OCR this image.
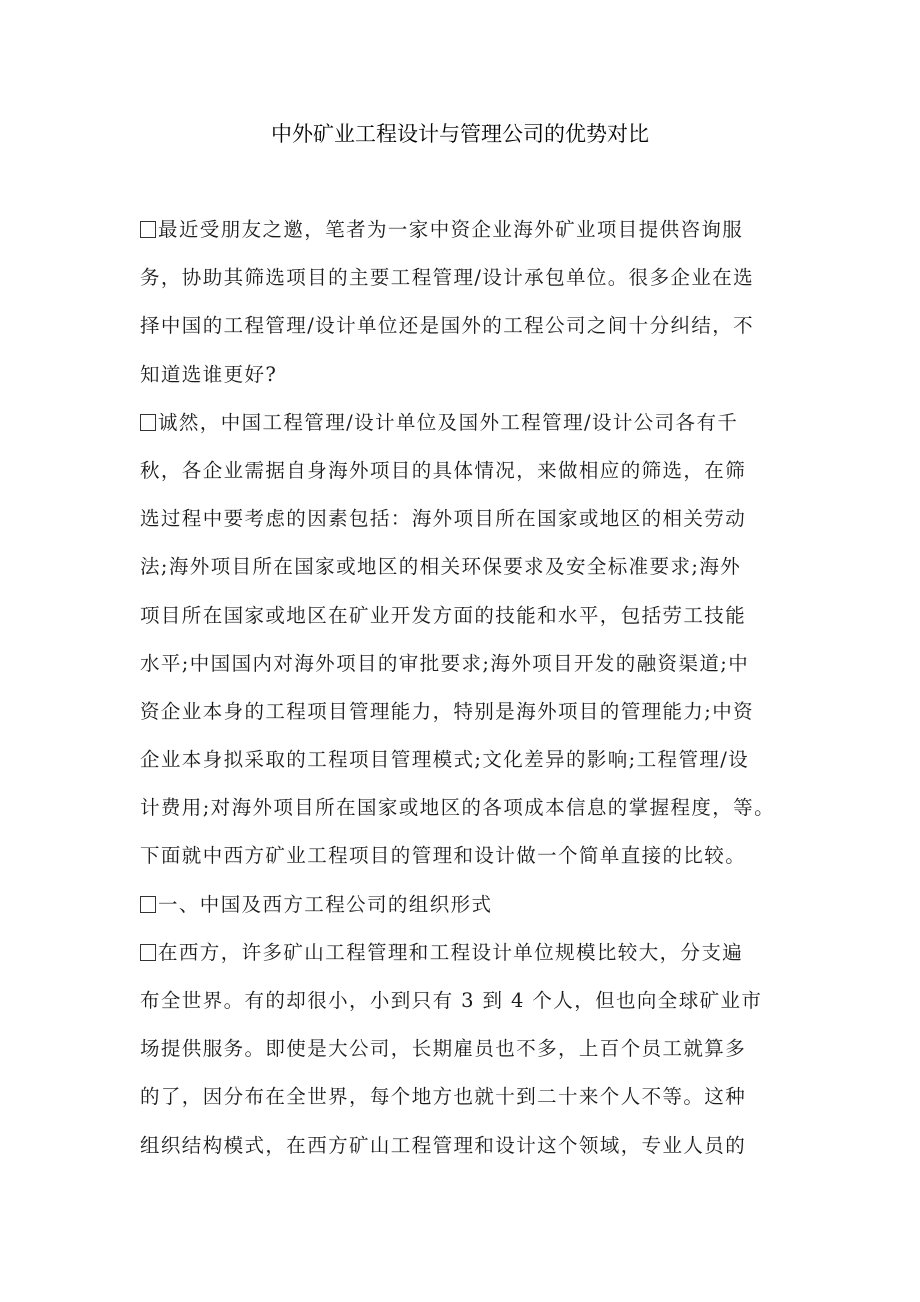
中外矿业工程设计与管理公司的优势对比
最近受朋友之邀，笔者为一家中资企业海外矿业项目提供咨询服
务，协助其筛选项目的主要工程管理/设计承包单位。很多企业在选
择中国的工程管理/设计单位还是国外的工程公司之间十分纠结，不
知道选谁更好?
诚然，中国工程管理/设计单位及国外工程管理/设计公司各有千
秋，各企业需据自身海外项目的具体情况，来做相应的筛选，在筛
选过程中要考虑的因素包括：海外项目所在国家或地区的相关劳动
法;海外项目所在国家或地区的相关环保要求及安全标准要求;海外
项目所在国家或地区在矿业开发方面的技能和水平，包括劳工技能
水平;中国国内对海外项目的审批要求;海外项目开发的融资渠道;中
资企业本身的工程项目管理能力，特别是海外项目的管理能力;中资
企业本身拟采取的工程项目管理模式;文化差异的影响;工程管理/设
计费用;对海外项目所在国家或地区的各项成本信息的掌握程度，等。
下面就中西方矿业工程项目的管理和设计做一个简单直接的比较。
一、中国及西方工程公司的组织形式
在西方，许多矿山工程管理和工程设计单位规模比较大，分支遍
布全世界。有的却很小，小到只有 3 到 4 个人，但也向全球矿业市
场提供服务。即使是大公司，长期雇员也不多，上百个员工就算多
的了，因分布在全世界，每个地方也就十到二十来个人不等。这种
组织结构模式，在西方矿山工程管理和设计这个领域，专业人员的
